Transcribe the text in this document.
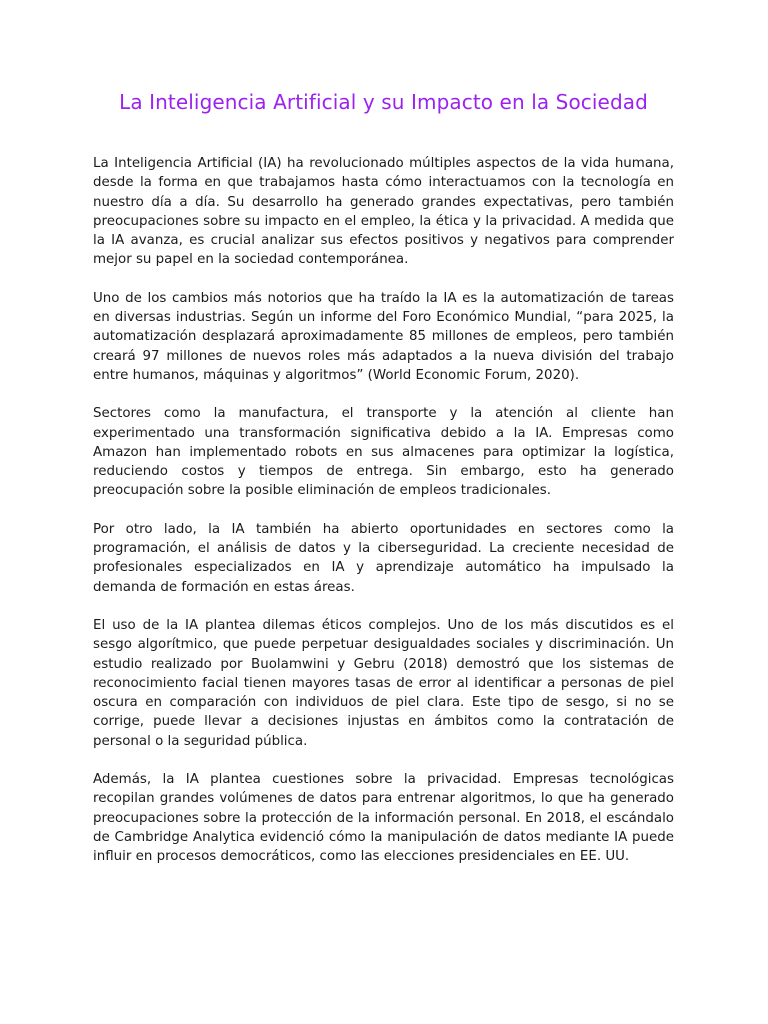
La Inteligencia Artificial y su Impacto en la Sociedad

La Inteligencia Artificial (IA) ha revolucionado múltiples aspectos de la vida humana, desde la forma en que trabajamos hasta cómo interactuamos con la tecnología en nuestro día a día. Su desarrollo ha generado grandes expectativas, pero también preocupaciones sobre su impacto en el empleo, la ética y la privacidad. A medida que la IA avanza, es crucial analizar sus efectos positivos y negativos para comprender mejor su papel en la sociedad contemporánea.

Uno de los cambios más notorios que ha traído la IA es la automatización de tareas en diversas industrias. Según un informe del Foro Económico Mundial, “para 2025, la automatización desplazará aproximadamente 85 millones de empleos, pero también creará 97 millones de nuevos roles más adaptados a la nueva división del trabajo entre humanos, máquinas y algoritmos” (World Economic Forum, 2020).

Sectores como la manufactura, el transporte y la atención al cliente han experimentado una transformación significativa debido a la IA. Empresas como Amazon han implementado robots en sus almacenes para optimizar la logística, reduciendo costos y tiempos de entrega. Sin embargo, esto ha generado preocupación sobre la posible eliminación de empleos tradicionales.

Por otro lado, la IA también ha abierto oportunidades en sectores como la programación, el análisis de datos y la ciberseguridad. La creciente necesidad de profesionales especializados en IA y aprendizaje automático ha impulsado la demanda de formación en estas áreas.

El uso de la IA plantea dilemas éticos complejos. Uno de los más discutidos es el sesgo algorítmico, que puede perpetuar desigualdades sociales y discriminación. Un estudio realizado por Buolamwini y Gebru (2018) demostró que los sistemas de reconocimiento facial tienen mayores tasas de error al identificar a personas de piel oscura en comparación con individuos de piel clara. Este tipo de sesgo, si no se corrige, puede llevar a decisiones injustas en ámbitos como la contratación de personal o la seguridad pública.

Además, la IA plantea cuestiones sobre la privacidad. Empresas tecnológicas recopilan grandes volúmenes de datos para entrenar algoritmos, lo que ha generado preocupaciones sobre la protección de la información personal. En 2018, el escándalo de Cambridge Analytica evidenció cómo la manipulación de datos mediante IA puede influir en procesos democráticos, como las elecciones presidenciales en EE. UU.
